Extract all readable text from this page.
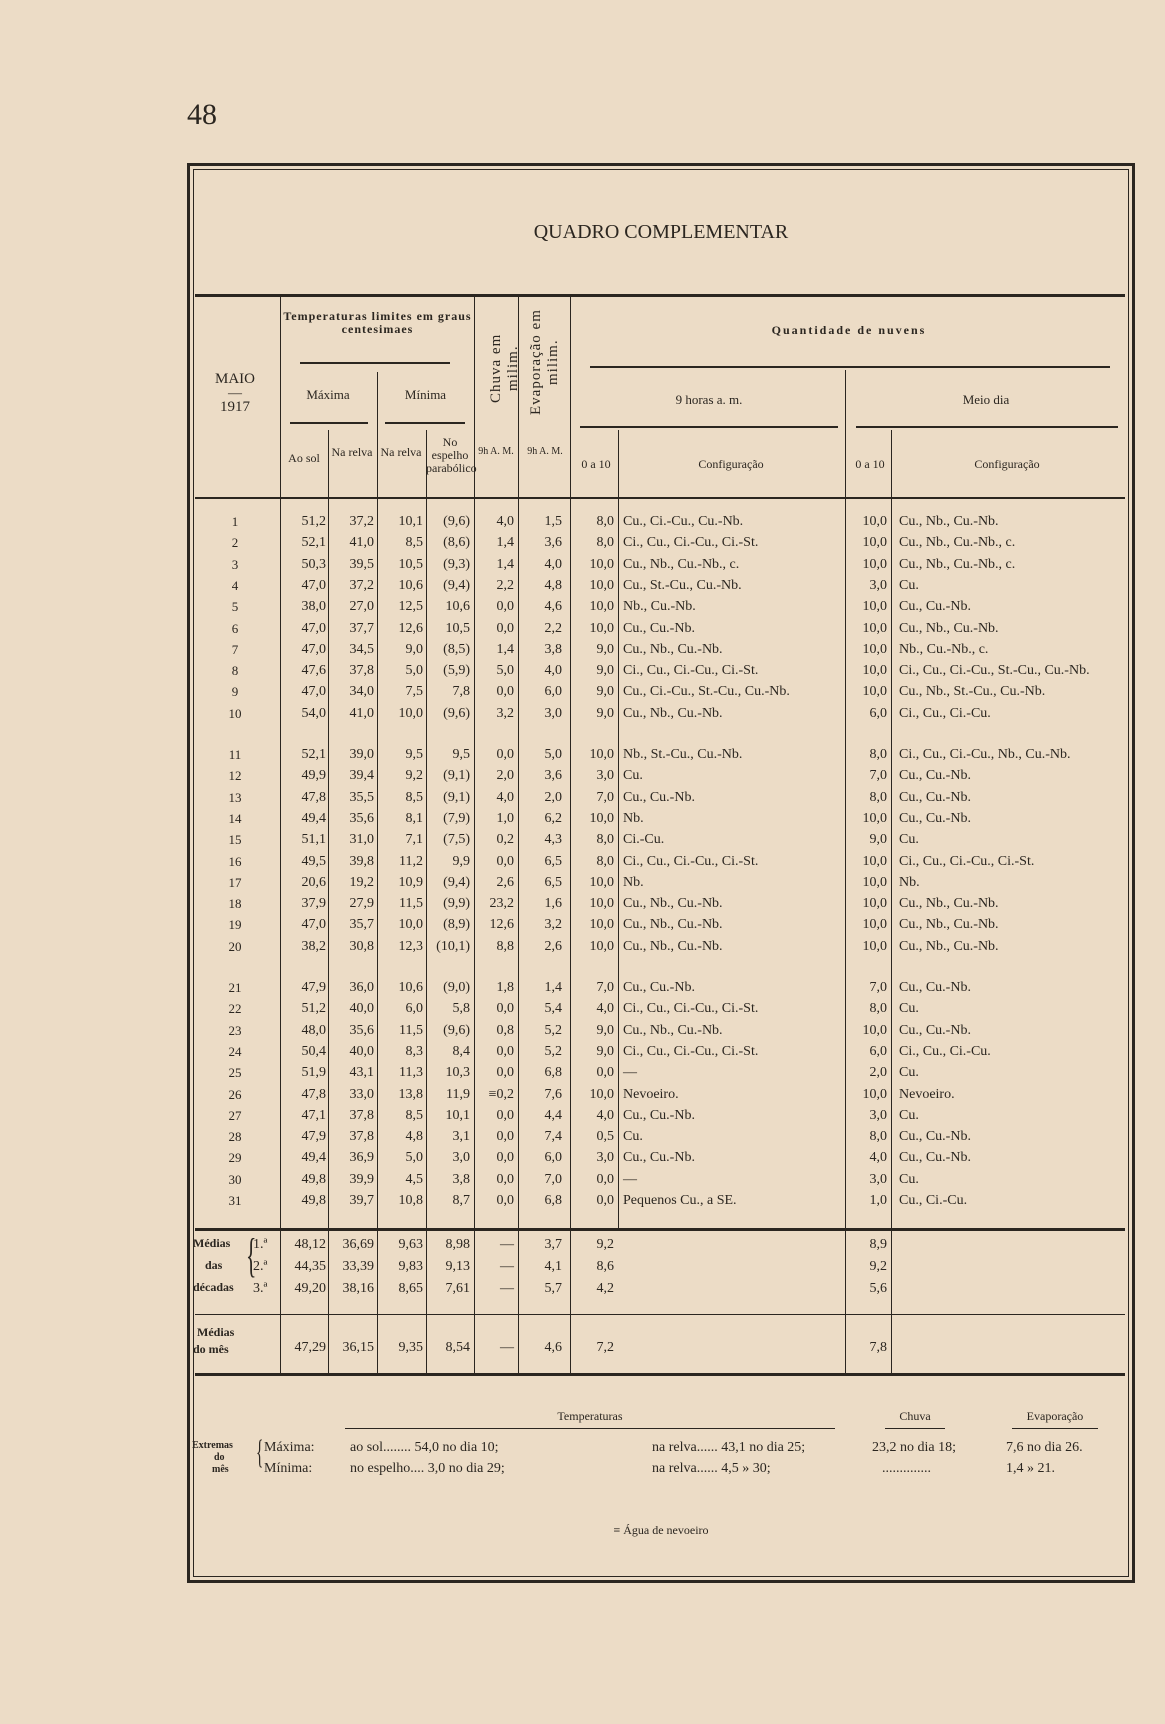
48
QUADRO COMPLEMENTAR
MAIO
—
1917
Temperaturas limites em graus centesimaes
Máxima	Mínima
Ao sol Na relva Na relva
No espelho parabólico
Chuva em milim. Evaporação em milim.
9h A. M.	9h A. M.
Quantidade de nuvens
9 horas a. m.	Meio dia
0 a 10	Configuração	0 a 10	Configuração
1	51,2	37,2	10,1	(9,6)	4,0	1,5	8,0 Cu., Ci.-Cu., Cu.-Nb.	10,0 Cu., Nb., Cu.-Nb.
2	52,1	41,0	8,5	(8,6)	1,4	3,6	8,0 Ci., Cu., Ci.-Cu., Ci.-St.	10,0 Cu., Nb., Cu.-Nb., c.
3	50,3	39,5	10,5	(9,3)	1,4	4,0	10,0 Cu., Nb., Cu.-Nb., c.	10,0 Cu., Nb., Cu.-Nb., c.
4	47,0	37,2	10,6	(9,4)	2,2	4,8	10,0 Cu., St.-Cu., Cu.-Nb.	3,0 Cu.
5	38,0	27,0	12,5	10,6	0,0	4,6	10,0 Nb., Cu.-Nb.	10,0 Cu., Cu.-Nb.
6	47,0	37,7	12,6	10,5	0,0	2,2	10,0 Cu., Cu.-Nb.	10,0 Cu., Nb., Cu.-Nb.
7	47,0	34,5	9,0	(8,5)	1,4	3,8	9,0 Cu., Nb., Cu.-Nb.	10,0 Nb., Cu.-Nb., c.
8	47,6	37,8	5,0	(5,9)	5,0	4,0	9,0 Ci., Cu., Ci.-Cu., Ci.-St.	10,0 Ci., Cu., Ci.-Cu., St.-Cu., Cu.-Nb.
9	47,0	34,0	7,5	7,8	0,0	6,0	9,0 Cu., Ci.-Cu., St.-Cu., Cu.-Nb.	10,0 Cu., Nb., St.-Cu., Cu.-Nb.
10	54,0	41,0	10,0	(9,6)	3,2	3,0	9,0 Cu., Nb., Cu.-Nb.	6,0 Ci., Cu., Ci.-Cu.
11	52,1	39,0	9,5	9,5	0,0	5,0	10,0 Nb., St.-Cu., Cu.-Nb.	8,0 Ci., Cu., Ci.-Cu., Nb., Cu.-Nb.
12	49,9	39,4	9,2	(9,1)	2,0	3,6	3,0 Cu.	7,0 Cu., Cu.-Nb.
13	47,8	35,5	8,5	(9,1)	4,0	2,0	7,0 Cu., Cu.-Nb.	8,0 Cu., Cu.-Nb.
14	49,4	35,6	8,1	(7,9)	1,0	6,2	10,0 Nb.	10,0 Cu., Cu.-Nb.
15	51,1	31,0	7,1	(7,5)	0,2	4,3	8,0 Ci.-Cu.	9,0 Cu.
16	49,5	39,8	11,2	9,9	0,0	6,5	8,0 Ci., Cu., Ci.-Cu., Ci.-St.	10,0 Ci., Cu., Ci.-Cu., Ci.-St.
17	20,6	19,2	10,9	(9,4)	2,6	6,5	10,0 Nb.	10,0 Nb.
18	37,9	27,9	11,5	(9,9)	23,2	1,6	10,0 Cu., Nb., Cu.-Nb.	10,0 Cu., Nb., Cu.-Nb.
19	47,0	35,7	10,0	(8,9)	12,6	3,2	10,0 Cu., Nb., Cu.-Nb.	10,0 Cu., Nb., Cu.-Nb.
20	38,2	30,8	12,3 (10,1)	8,8	2,6	10,0 Cu., Nb., Cu.-Nb.	10,0 Cu., Nb., Cu.-Nb.
21	47,9	36,0	10,6	(9,0)	1,8	1,4	7,0 Cu., Cu.-Nb.	7,0 Cu., Cu.-Nb.
22	51,2	40,0	6,0	5,8	0,0	5,4	4,0 Ci., Cu., Ci.-Cu., Ci.-St.	8,0 Cu.
23	48,0	35,6	11,5	(9,6)	0,8	5,2	9,0 Cu., Nb., Cu.-Nb.	10,0 Cu., Cu.-Nb.
24	50,4	40,0	8,3	8,4	0,0	5,2	9,0 Ci., Cu., Ci.-Cu., Ci.-St.	6,0 Ci., Cu., Ci.-Cu.
25	51,9	43,1	11,3	10,3	0,0	6,8	0,0 —	2,0 Cu.
26	47,8	33,0	13,8	11,9	≡0,2	7,6	10,0 Nevoeiro.	10,0 Nevoeiro.
27	47,1	37,8	8,5	10,1	0,0	4,4	4,0 Cu., Cu.-Nb.	3,0 Cu.
28	47,9	37,8	4,8	3,1	0,0	7,4	0,5 Cu.	8,0 Cu., Cu.-Nb.
29	49,4	36,9	5,0	3,0	0,0	6,0	3,0 Cu., Cu.-Nb.	4,0 Cu., Cu.-Nb.
30	49,8	39,9	4,5	3,8	0,0	7,0	0,0 —	3,0 Cu.
31	49,8	39,7	10,8	8,7	0,0	6,8	0,0 Pequenos Cu., a SE.	1,0 Cu., Ci.-Cu.
Médias
das
décadas
{
1.ª	48,12	36,69	9,63	8,98	—	3,7	9,2	8,9
2.ª	44,35	33,39	9,83	9,13	—	4,1	8,6	9,2
3.ª	49,20	38,16	8,65	7,61	—	5,7	4,2	5,6
Médias
do mês	47,29	36,15	9,35	8,54	—	4,6	7,2	7,8
Temperaturas	Chuva	Evaporação
Extremas
do
mês { Máxima:
Mínima:
ao sol........ 54,0 no dia 10;	na relva...... 43,1 no dia 25;	23,2 no dia 18;	7,6 no dia 26.
no espelho.... 3,0 no dia 29;	na relva...... 4,5 » 30;	..............	1,4 » 21.
≡ Água de nevoeiro
